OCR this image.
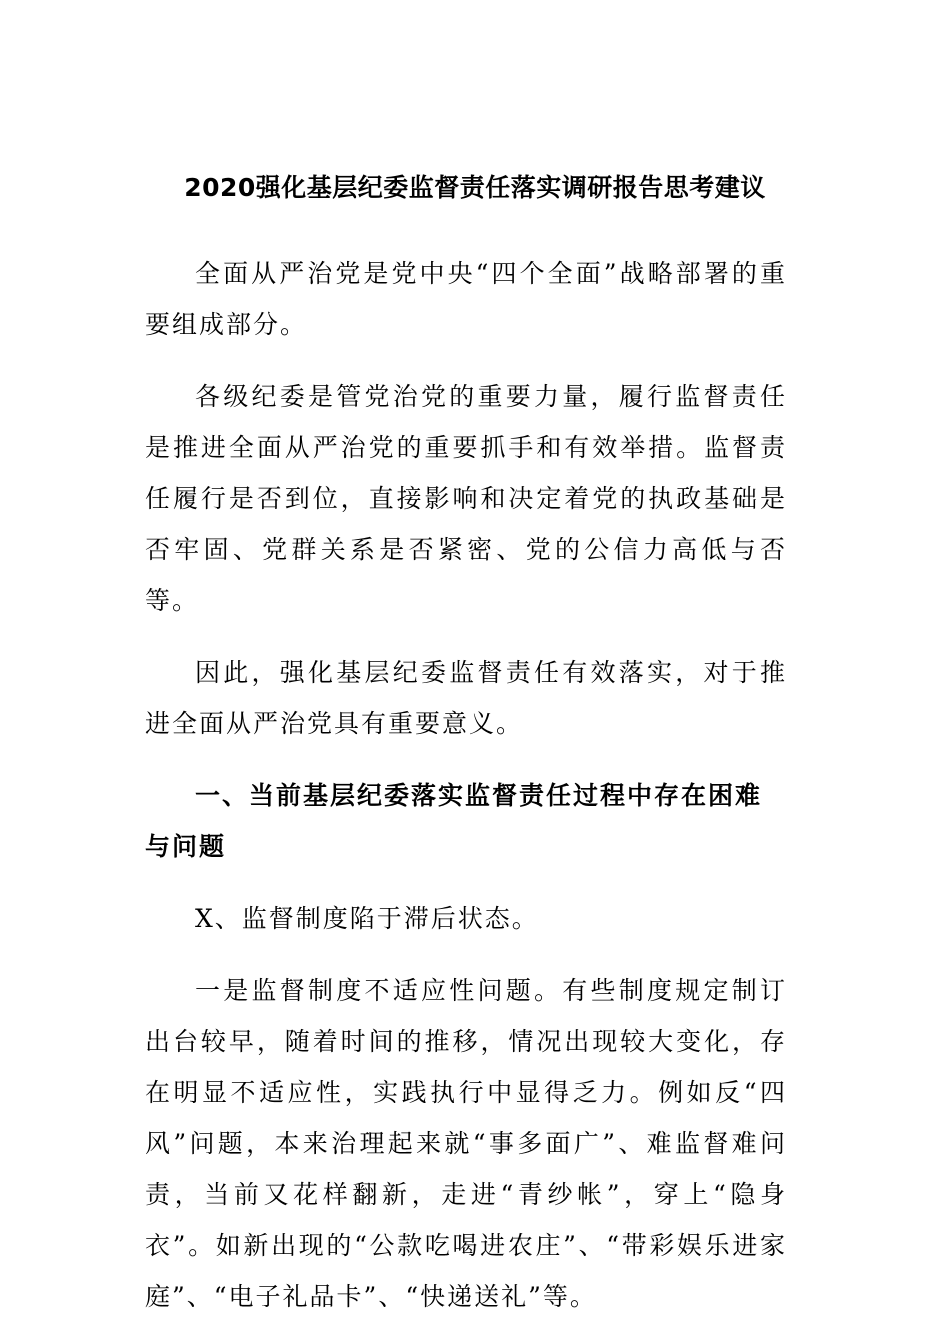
2020强化基层纪委监督责任落实调研报告思考建议

全面从严治党是党中央“四个全面”战略部署的重要组成部分。

各级纪委是管党治党的重要力量，履行监督责任是推进全面从严治党的重要抓手和有效举措。监督责任履行是否到位，直接影响和决定着党的执政基础是否牢固、党群关系是否紧密、党的公信力高低与否等。

因此，强化基层纪委监督责任有效落实，对于推进全面从严治党具有重要意义。

一、当前基层纪委落实监督责任过程中存在困难与问题

X、监督制度陷于滞后状态。

一是监督制度不适应性问题。有些制度规定制订出台较早，随着时间的推移，情况出现较大变化，存在明显不适应性，实践执行中显得乏力。例如反“四风”问题，本来治理起来就“事多面广”、难监督难问责，当前又花样翻新，走进“青纱帐”，穿上“隐身衣”。如新出现的“公款吃喝进农庄”、“带彩娱乐进家庭”、“电子礼品卡”、“快递送礼”等。
